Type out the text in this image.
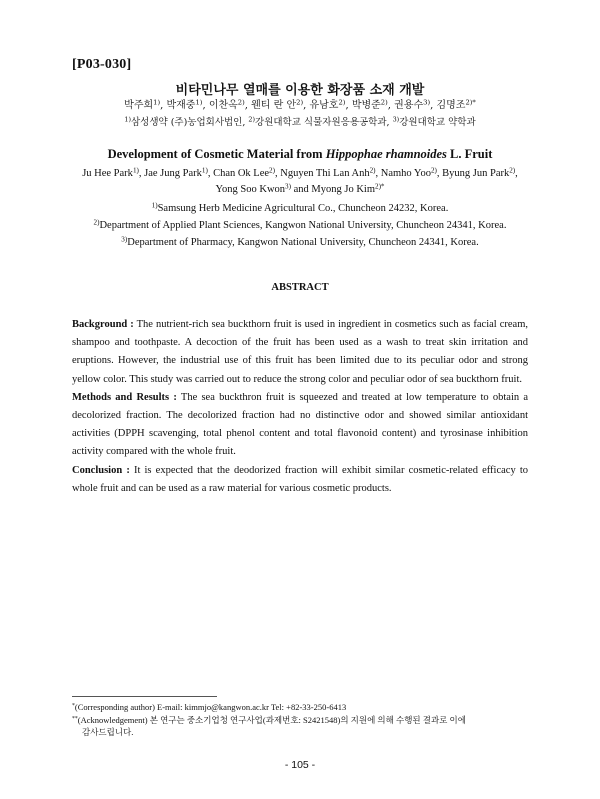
[P03-030]
비타민나무 열매를 이용한 화장품 소재 개발
박주희$^{1)}$, 박재중$^{1)}$, 이찬옥$^{2)}$, 웬티 란 안$^{2)}$, 유남호$^{2)}$, 박병준$^{2)}$, 권용수$^{3)}$, 김명조$^{2)*}$
$^{1)}$삼성생약 (주)농업회사법인, $^{2)}$강원대학교 식물자원응용공학과, $^{3)}$강원대학교 약학과
Development of Cosmetic Material from Hippophae rhamnoides L. Fruit
Ju Hee Park$^{1)}$, Jae Jung Park$^{1)}$, Chan Ok Lee$^{2)}$, Nguyen Thi Lan Anh$^{2)}$, Namho Yoo$^{2)}$, Byung Jun Park$^{2)}$, Yong Soo Kwon$^{3)}$ and Myong Jo Kim$^{2)*}$
$^{1)}$Samsung Herb Medicine Agricultural Co., Chuncheon 24232, Korea.
$^{2)}$Department of Applied Plant Sciences, Kangwon National University, Chuncheon 24341, Korea.
$^{3)}$Department of Pharmacy, Kangwon National University, Chuncheon 24341, Korea.
ABSTRACT

Background : The nutrient-rich sea buckthorn fruit is used in ingredient in cosmetics such as facial cream, shampoo and toothpaste. A decoction of the fruit has been used as a wash to treat skin irritation and eruptions. However, the industrial use of this fruit has been limited due to its peculiar odor and strong yellow color. This study was carried out to reduce the strong color and peculiar odor of sea buckthorn fruit.

Methods and Results : The sea buckthron fruit is squeezed and treated at low temperature to obtain a decolorized fraction. The decolorized fraction had no distinctive odor and showed similar antioxidant activities (DPPH scavenging, total phenol content and total flavonoid content) and tyrosinase inhibition activity compared with the whole fruit.

Conclusion : It is expected that the deodorized fraction will exhibit similar cosmetic-related efficacy to whole fruit and can be used as a raw material for various cosmetic products.

*(Corresponding author) E-mail: kimmjo@kangwon.ac.kr Tel: +82-33-250-6413

**(Acknowledgement) 본 연구는 중소기업청 연구사업(과제번호: S2421548)의 지원에 의해 수행된 결과로 이에

감사드립니다.

- 105 -
